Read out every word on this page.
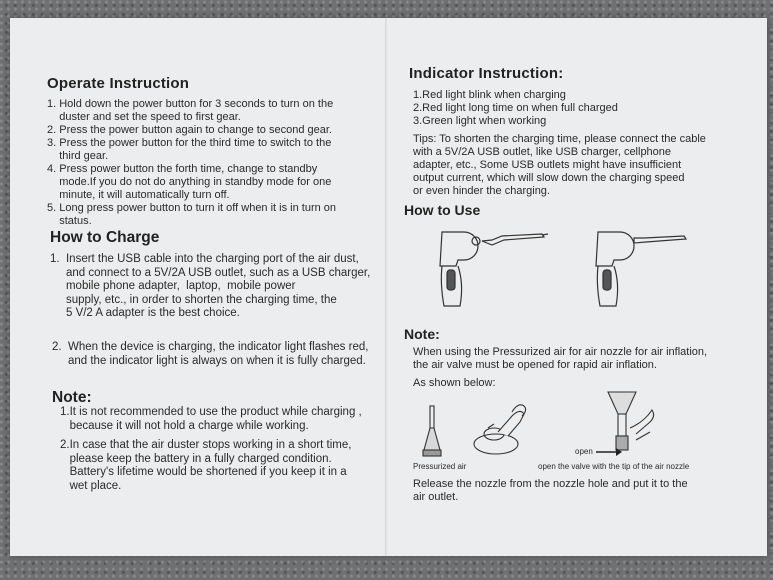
Operate Instruction
1. Hold down the power button for 3 seconds to turn on the
duster and set the speed to first gear.
2. Press the power button again to change to second gear.
3. Press the power button for the third time to switch to the
third gear.
4. Press power button the forth time, change to standby
mode.If you do not do anything in standby mode for one
minute, it will automatically turn off.
5. Long press power button to turn it off when it is in turn on
status.
How to Charge
1.  Insert the USB cable into the charging port of the air dust,
and connect to a 5V/2A USB outlet, such as a USB charger,
mobile phone adapter,  laptop,  mobile power
supply, etc., in order to shorten the charging time, the
5 V/2 A adapter is the best choice.
2.  When the device is charging, the indicator light flashes red,
and the indicator light is always on when it is fully charged.
Note:
1.It is not recommended to use the product while charging ,
because it will not hold a charge while working.
2.In case that the air duster stops working in a short time,
please keep the battery in a fully charged condition.
Battery's lifetime would be shortened if you keep it in a
wet place.
Indicator Instruction:
1.Red light blink when charging
2.Red light long time on when full charged
3.Green light when working
Tips: To shorten the charging time, please connect the cable
with a 5V/2A USB outlet, like USB charger, cellphone
adapter, etc., Some USB outlets might have insufficient
output current, which will slow down the charging speed
or even hinder the charging.
How to Use
Note:
When using the Pressurized air for air nozzle for air inflation,
the air valve must be opened for rapid air inflation.
As shown below:
open
Pressurized air	open the valve with the tip of the air nozzle
Release the nozzle from the nozzle hole and put it to the
air outlet.
